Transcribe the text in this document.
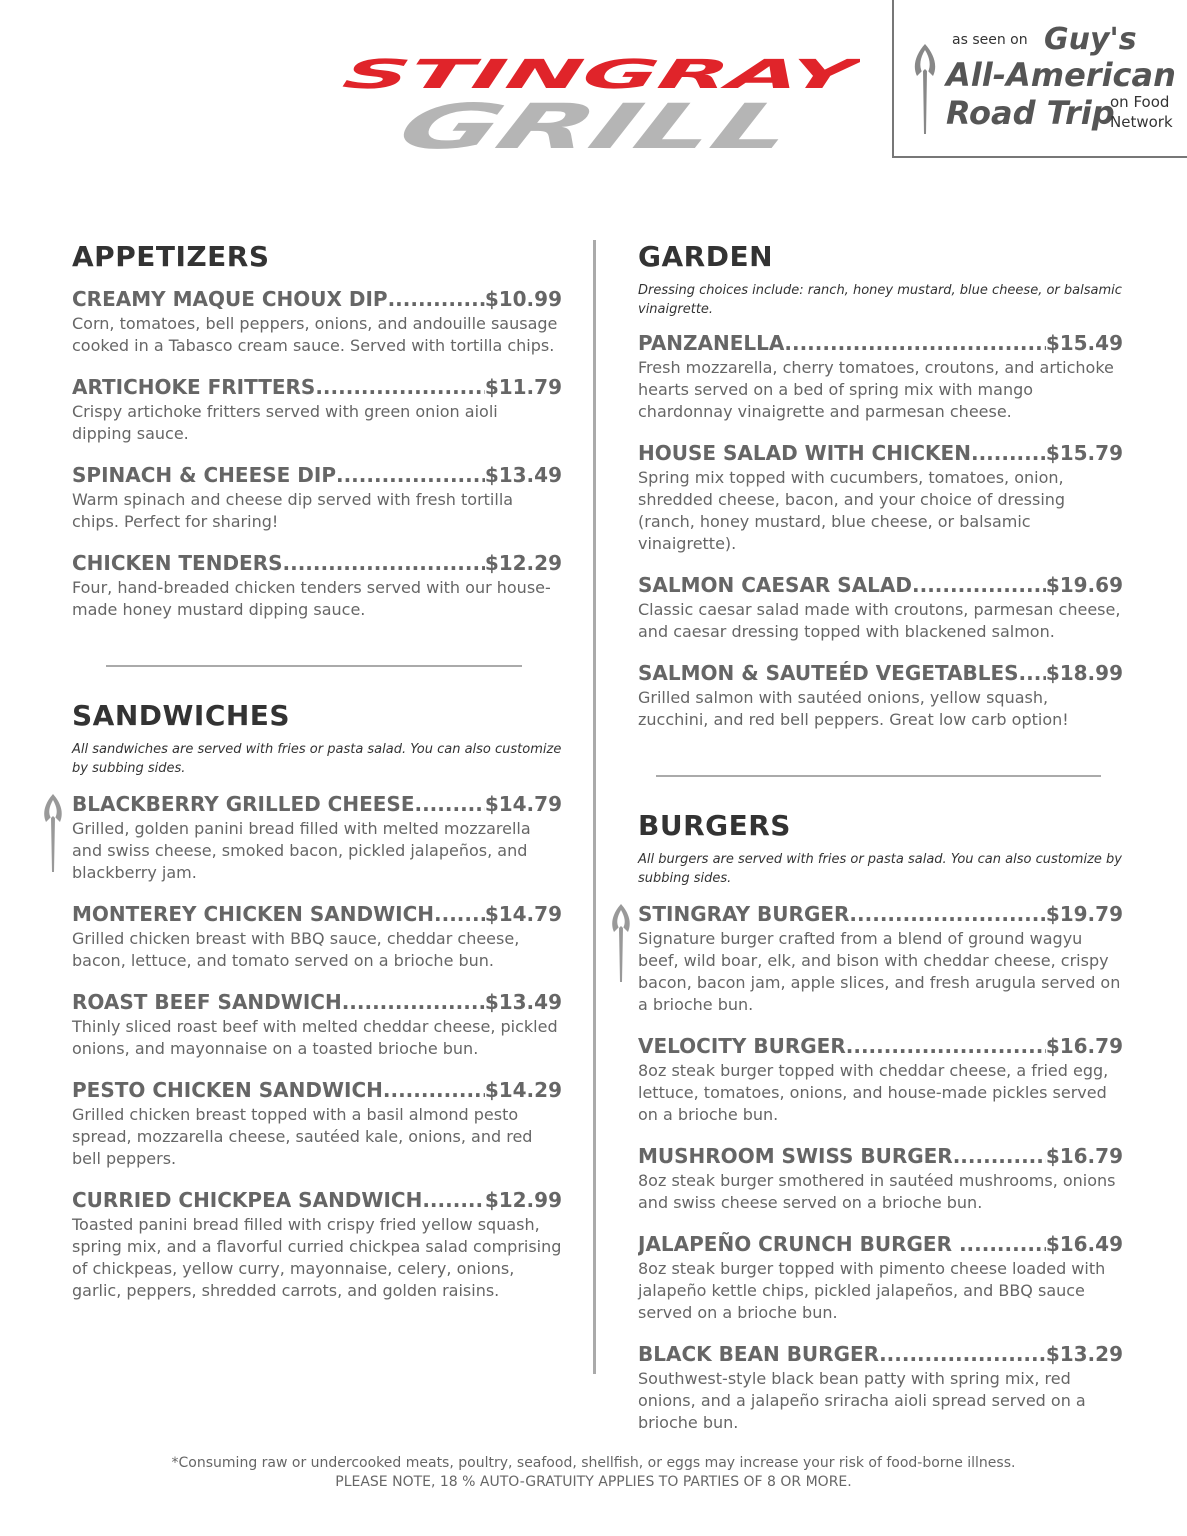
STINGRAY
GRILL
as seen on Guy's
All-American
Road Trip
on Food
Network
APPETIZERS
CREAMY MAQUE CHOUX DIP .....	$10.99

Corn, tomatoes, bell peppers, onions, and andouille sausage cooked in a Tabasco cream sauce. Served with tortilla chips.

ARTICHOKE FRITTERS .....	$11.79

Crispy artichoke fritters served with green onion aioli dipping sauce.

SPINACH & CHEESE DIP .....	$13.49

Warm spinach and cheese dip served with fresh tortilla chips. Perfect for sharing!

CHICKEN TENDERS .....	$12.29

Four, hand-breaded chicken tenders served with our house-made honey mustard dipping sauce.

SANDWICHES

All sandwiches are served with fries or pasta salad. You can also customize by subbing sides.

BLACKBERRY GRILLED CHEESE .....	$14.79

Grilled, golden panini bread filled with melted mozzarella and swiss cheese, smoked bacon, pickled jalapeños, and blackberry jam.

MONTEREY CHICKEN SANDWICH .....	$14.79

Grilled chicken breast with BBQ sauce, cheddar cheese, bacon, lettuce, and tomato served on a brioche bun.

ROAST BEEF SANDWICH .....	$13.49

Thinly sliced roast beef with melted cheddar cheese, pickled onions, and mayonnaise on a toasted brioche bun.

PESTO CHICKEN SANDWICH .....	$14.29

Grilled chicken breast topped with a basil almond pesto spread, mozzarella cheese, sautéed kale, onions, and red bell peppers.

CURRIED CHICKPEA SANDWICH .....	$12.99

Toasted panini bread filled with crispy fried yellow squash, spring mix, and a flavorful curried chickpea salad comprising of chickpeas, yellow curry, mayonnaise, celery, onions, garlic, peppers, shredded carrots, and golden raisins.

GARDEN

Dressing choices include: ranch, honey mustard, blue cheese, or balsamic vinaigrette.

PANZANELLA .....	$15.49

Fresh mozzarella, cherry tomatoes, croutons, and artichoke hearts served on a bed of spring mix with mango chardonnay vinaigrette and parmesan cheese.

HOUSE SALAD WITH CHICKEN .....	$15.79

Spring mix topped with cucumbers, tomatoes, onion, shredded cheese, bacon, and your choice of dressing (ranch, honey mustard, blue cheese, or balsamic vinaigrette).

SALMON CAESAR SALAD .....	$19.69

Classic caesar salad made with croutons, parmesan cheese, and caesar dressing topped with blackened salmon.

SALMON & SAUTEÉD VEGETABLES ..... $18.99

Grilled salmon with sautéed onions, yellow squash, zucchini, and red bell peppers. Great low carb option!

BURGERS

All burgers are served with fries or pasta salad. You can also customize by subbing sides.

STINGRAY BURGER .....	$19.79

Signature burger crafted from a blend of ground wagyu beef, wild boar, elk, and bison with cheddar cheese, crispy bacon, bacon jam, apple slices, and fresh arugula served on a brioche bun.

VELOCITY BURGER .....	$16.79

8oz steak burger topped with cheddar cheese, a fried egg, lettuce, tomatoes, onions, and house-made pickles served on a brioche bun.

MUSHROOM SWISS BURGER .....	$16.79

8oz steak burger smothered in sautéed mushrooms, onions and swiss cheese served on a brioche bun.

JALAPEÑO CRUNCH BURGER .....	$16.49

8oz steak burger topped with pimento cheese loaded with jalapeño kettle chips, pickled jalapeños, and BBQ sauce served on a brioche bun.

BLACK BEAN BURGER .....	$13.29

Southwest-style black bean patty with spring mix, red onions, and a jalapeño sriracha aioli spread served on a brioche bun.

*Consuming raw or undercooked meats, poultry, seafood, shellfish, or eggs may increase your risk of food-borne illness.

PLEASE NOTE, 18 % AUTO-GRATUITY APPLIES TO PARTIES OF 8 OR MORE.
